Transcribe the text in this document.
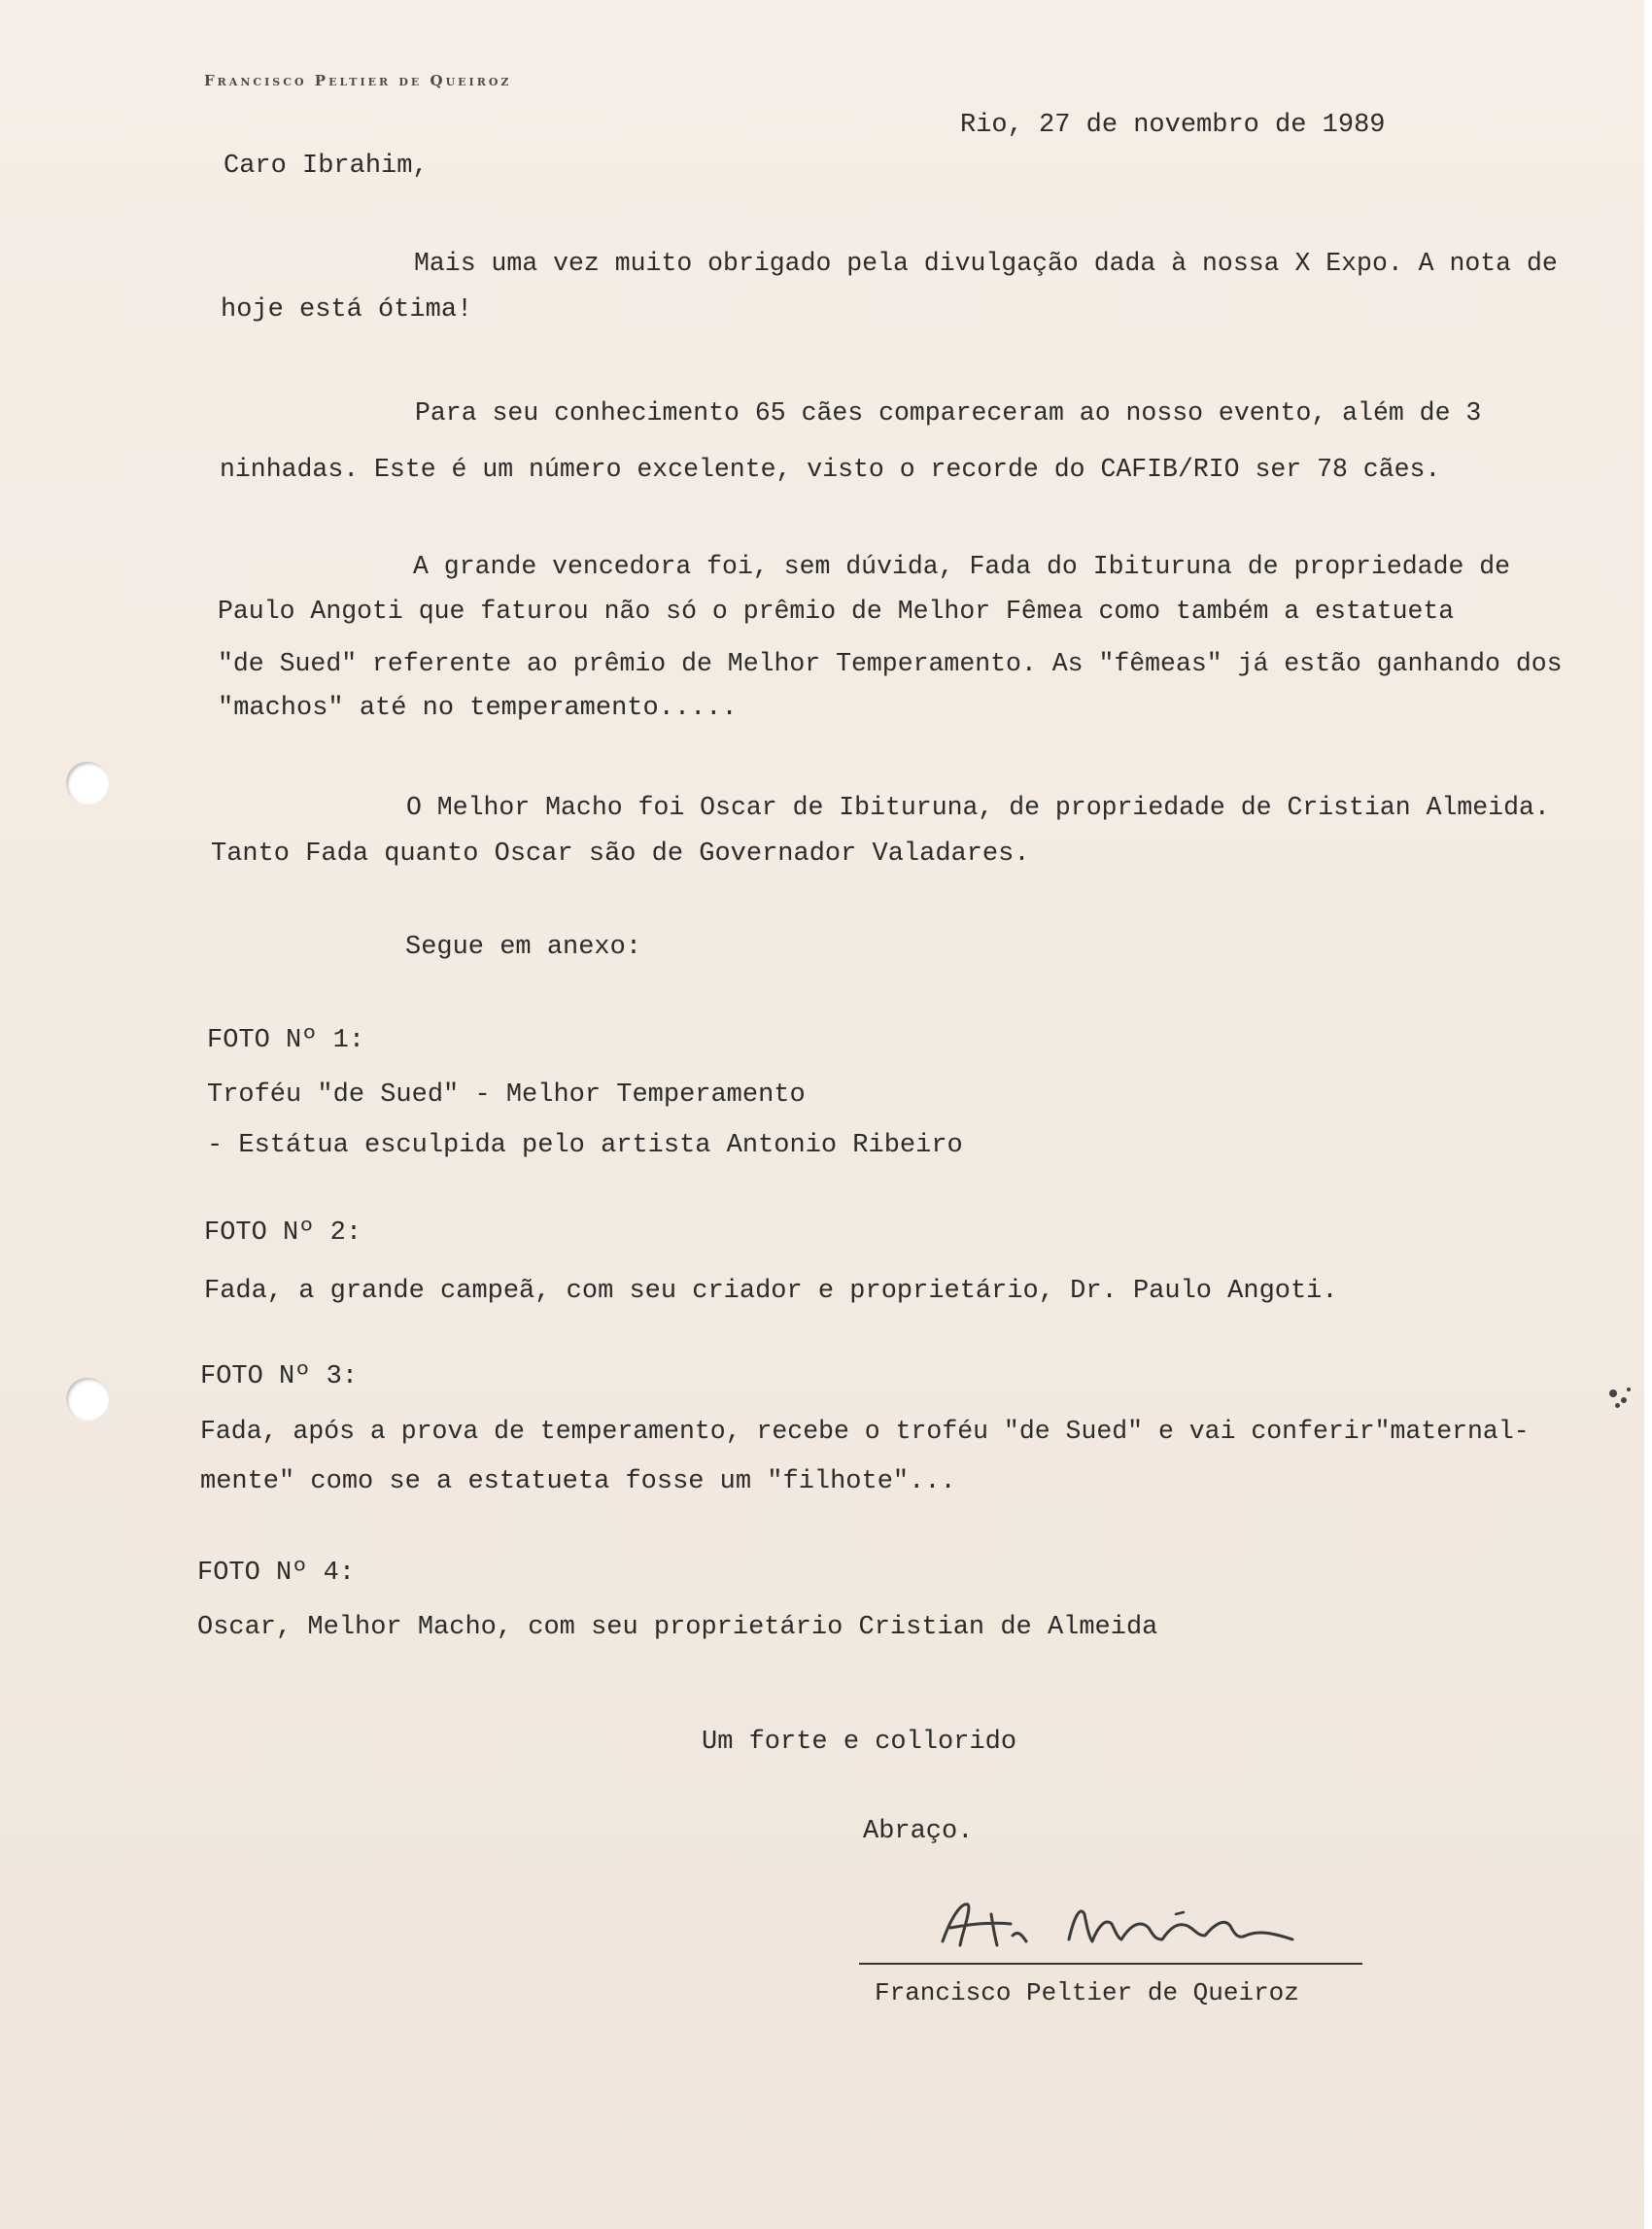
Francisco Peltier de Queiroz
Rio, 27 de novembro de 1989
Caro Ibrahim,
Mais uma vez muito obrigado pela divulgação dada à nossa X Expo. A nota de
hoje está ótima!
Para seu conhecimento 65 cães compareceram ao nosso evento, além de 3
ninhadas. Este é um número excelente, visto o recorde do CAFIB/RIO ser 78 cães.
A grande vencedora foi, sem dúvida, Fada do Ibituruna de propriedade de
Paulo Angoti que faturou não só o prêmio de Melhor Fêmea como também a estatueta
"de Sued" referente ao prêmio de Melhor Temperamento. As "fêmeas" já estão ganhando dos
"machos" até no temperamento.....
O Melhor Macho foi Oscar de Ibituruna, de propriedade de Cristian Almeida.
Tanto Fada quanto Oscar são de Governador Valadares.
Segue em anexo:
FOTO Nº 1:
Troféu "de Sued" - Melhor Temperamento
- Estátua esculpida pelo artista Antonio Ribeiro
FOTO Nº 2:
Fada, a grande campeã, com seu criador e proprietário, Dr. Paulo Angoti.
FOTO Nº 3:
Fada, após a prova de temperamento, recebe o troféu "de Sued" e vai conferir"maternal-
mente" como se a estatueta fosse um "filhote"...
FOTO Nº 4:
Oscar, Melhor Macho, com seu proprietário Cristian de Almeida
Um forte e collorido
Abraço.
Francisco Peltier de Queiroz
